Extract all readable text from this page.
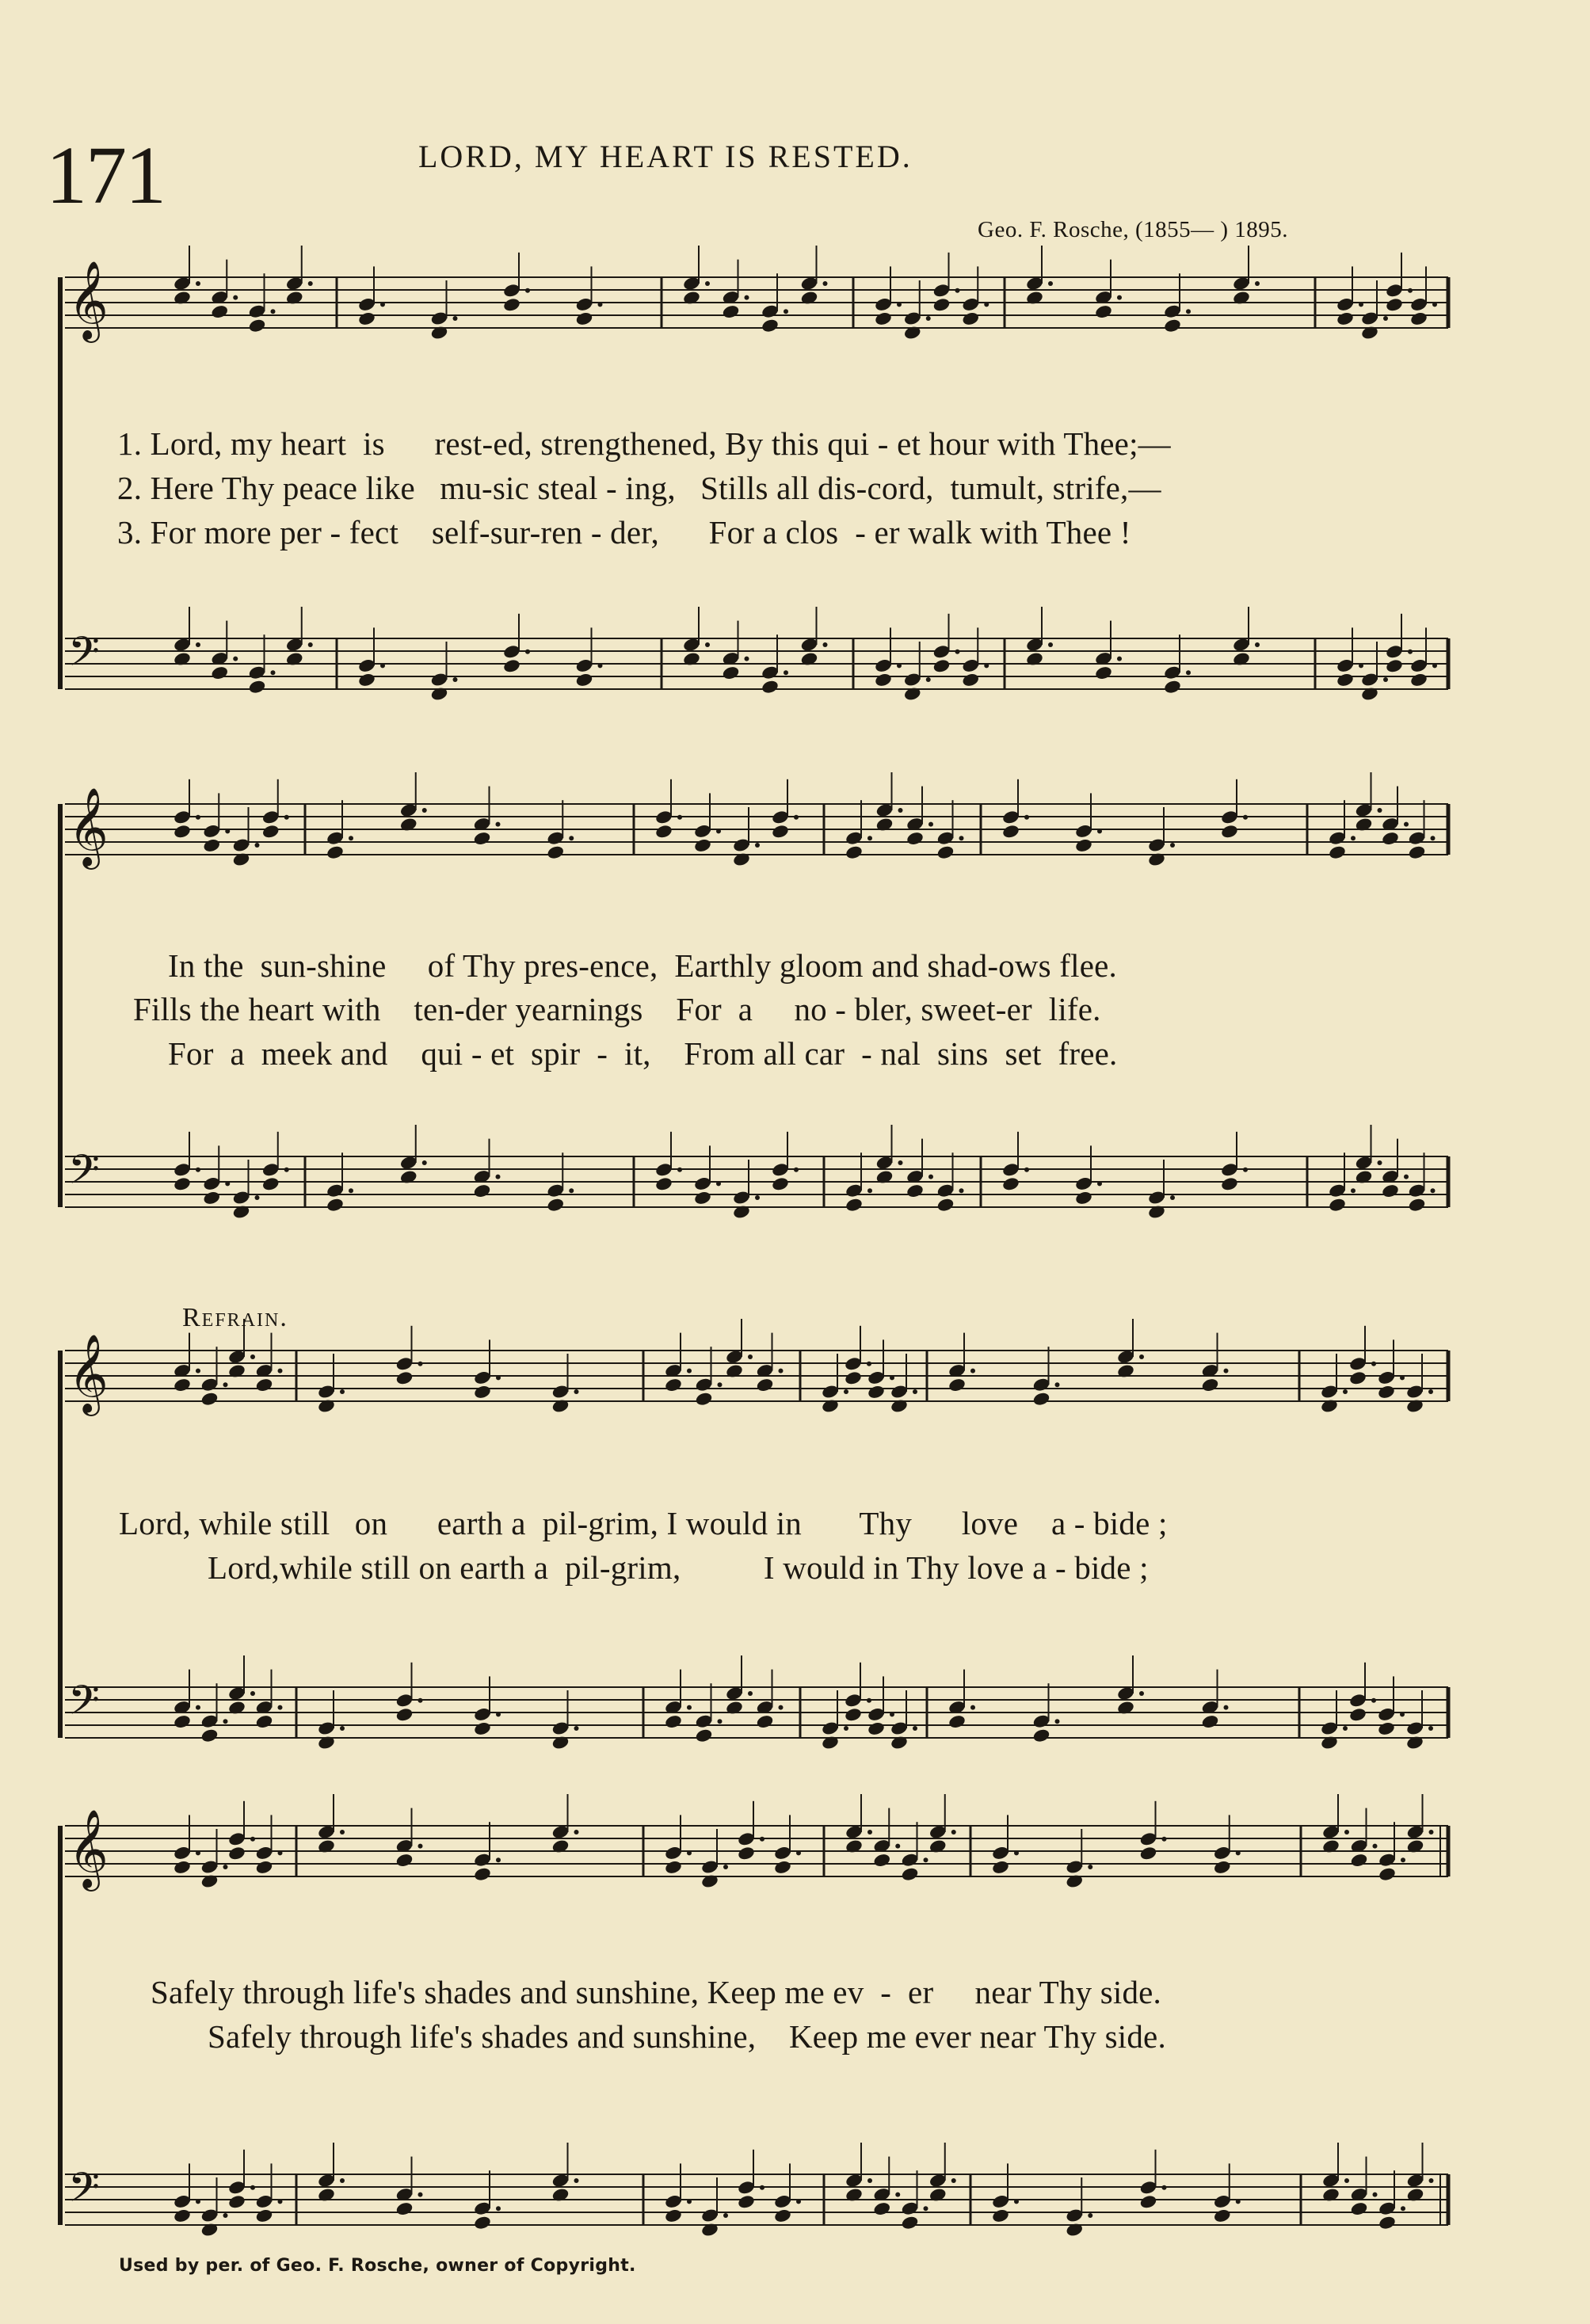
171	LORD, MY HEART IS RESTED.
Geo. F. Rosche, (1855— ) 1895.
𝄞
𝄢
𝄞
𝄢
𝄞
𝄢
𝄞
𝄢
1. Lord, my heart  is      rest-ed, strengthened, By this qui - et hour with Thee;—
2. Here Thy peace like   mu-sic steal - ing,   Stills all dis-cord,  tumult, strife,—
3. For more per - fect    self-sur-ren - der,      For a clos  - er walk with Thee !
In the  sun-shine     of Thy pres-ence,  Earthly gloom and shad-ows flee.
Fills the heart with    ten-der yearnings    For  a     no - bler, sweet-er  life.
For  a  meek and    qui - et  spir  -  it,    From all car  - nal  sins  set  free.
Refrain.
Lord, while still   on      earth a  pil-grim, I would in       Thy      love    a - bide ;
Lord,while still on earth a  pil-grim,          I would in Thy love a - bide ;
Safely through life's shades and sunshine, Keep me ev  -  er     near Thy side.
Safely through life's shades and sunshine,    Keep me ever near Thy side.
Used by per. of Geo. F. Rosche, owner of Copyright.
